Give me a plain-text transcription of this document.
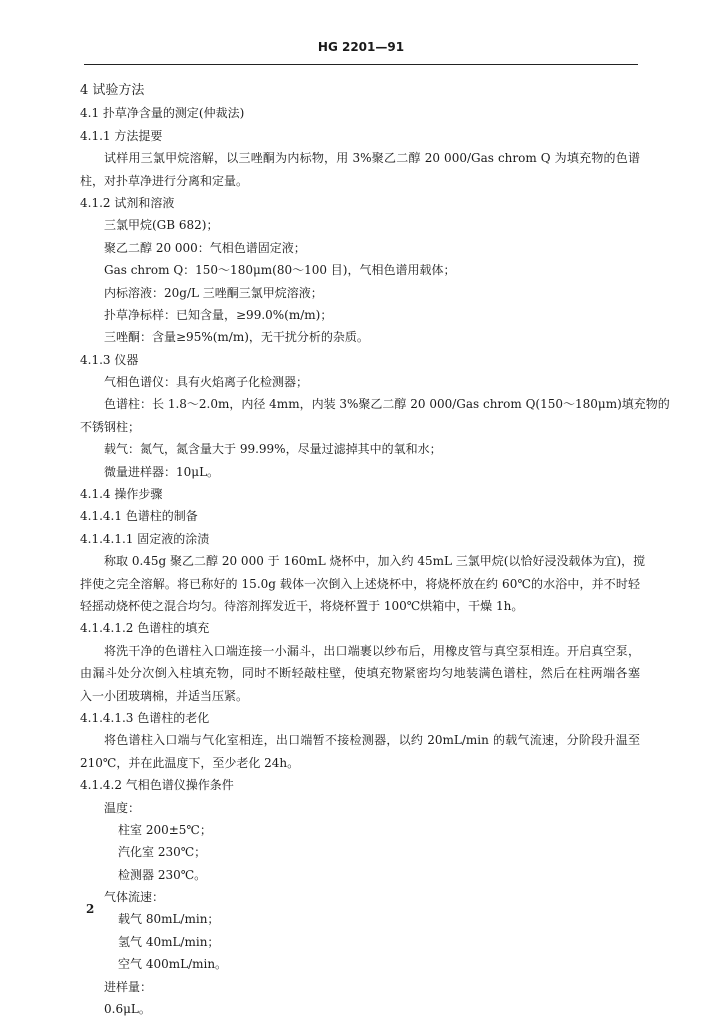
HG 2201—91
4 试验方法
4.1 扑草净含量的测定(仲裁法)
4.1.1 方法提要
试样用三氯甲烷溶解，以三唑酮为内标物，用 3%聚乙二醇 20 000/Gas chrom Q 为填充物的色谱
柱，对扑草净进行分离和定量。
4.1.2 试剂和溶液
三氯甲烷(GB 682)；
聚乙二醇 20 000：气相色谱固定液；
Gas chrom Q：150～180μm(80～100 目)，气相色谱用载体；
内标溶液：20g/L 三唑酮三氯甲烷溶液；
扑草净标样：已知含量，≥99.0%(m/m)；
三唑酮：含量≥95%(m/m)，无干扰分析的杂质。
4.1.3 仪器
气相色谱仪：具有火焰离子化检测器；
色谱柱：长 1.8～2.0m，内径 4mm，内装 3%聚乙二醇 20 000/Gas chrom Q(150～180μm)填充物的
不锈钢柱；
载气：氮气，氮含量大于 99.99%，尽量过滤掉其中的氧和水；
微量进样器：10μL。
4.1.4 操作步骤
4.1.4.1 色谱柱的制备
4.1.4.1.1 固定液的涂渍
称取 0.45g 聚乙二醇 20 000 于 160mL 烧杯中，加入约 45mL 三氯甲烷(以恰好浸没载体为宜)，搅
拌使之完全溶解。将已称好的 15.0g 载体一次倒入上述烧杯中，将烧杯放在约 60℃的水浴中，并不时轻
轻摇动烧杯使之混合均匀。待溶剂挥发近干，将烧杯置于 100℃烘箱中，干燥 1h。
4.1.4.1.2 色谱柱的填充
将洗干净的色谱柱入口端连接一小漏斗，出口端裹以纱布后，用橡皮管与真空泵相连。开启真空泵，
由漏斗处分次倒入柱填充物，同时不断轻敲柱壁，使填充物紧密均匀地装满色谱柱，然后在柱两端各塞
入一小团玻璃棉，并适当压紧。
4.1.4.1.3 色谱柱的老化
将色谱柱入口端与气化室相连，出口端暂不接检测器，以约 20mL/min 的载气流速，分阶段升温至
210℃，并在此温度下，至少老化 24h。
4.1.4.2 气相色谱仪操作条件
温度：
柱室 200±5℃；
汽化室 230℃；
检测器 230℃。
气体流速：
载气 80mL/min；
氢气 40mL/min；
空气 400mL/min。
进样量：
0.6μL。
2
